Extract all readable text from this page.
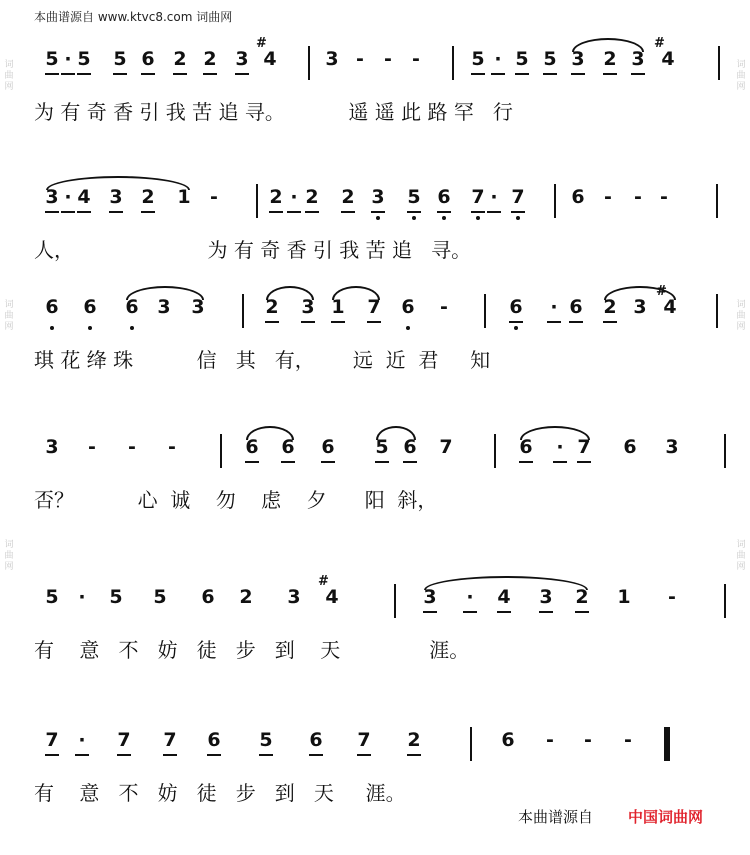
本曲谱源自 www.ktvc8.com 词曲网
词
曲
网
词
曲
网
词
曲
网
词
曲
网
词
曲
网
词
曲
网
5 · 5 5 6 2 2 3
#
4	3 - - -	5 · 5 5 3 2 3
#
4
为 有 奇 香 引 我 苦 追 寻。          遥 遥 此 路 罕   行
3 · 4 3 2 1 -	2 · 2 2 3 5 6 7 · 7 6 - - -
人，                     为 有 奇 香 引 我 苦 追   寻。
6 6 6 3 3	2 3 1 7 6 -	6 · 6 2 3
#
4
琪 花 绛 珠          信   其   有，      远  近  君     知
3 - - -	6 6 6 5 6 7	6 · 7 6 3
否？          心  诚    勿    虑    夕      阳  斜，
5 · 5 5 6 2 3
#
4	3 · 4 3 2 1 -
有    意   不   妨   徒   步   到    天              涯。
7 · 7 7 6 5 6 7 2	6 - - -
有    意   不   妨   徒   步   到   天     涯。
本曲谱源自 中国词曲网
